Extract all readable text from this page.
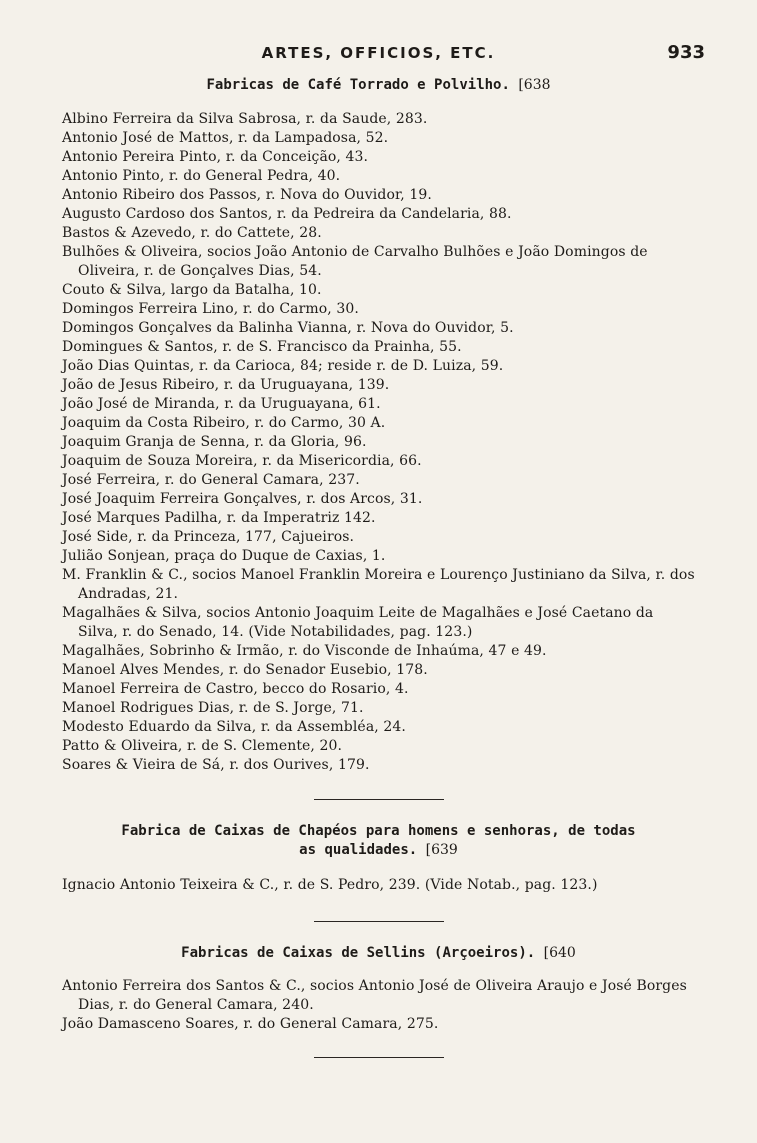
ARTES, OFFICIOS, ETC.	933
Fabricas de Café Torrado e Polvilho. [638
Albino Ferreira da Silva Sabrosa, r. da Saude, 283.
Antonio José de Mattos, r. da Lampadosa, 52.
Antonio Pereira Pinto, r. da Conceição, 43.
Antonio Pinto, r. do General Pedra, 40.
Antonio Ribeiro dos Passos, r. Nova do Ouvidor, 19.
Augusto Cardoso dos Santos, r. da Pedreira da Candelaria, 88.
Bastos & Azevedo, r. do Cattete, 28.
Bulhões & Oliveira, socios João Antonio de Carvalho Bulhões e João Domingos de Oliveira, r. de Gonçalves Dias, 54.
Couto & Silva, largo da Batalha, 10.
Domingos Ferreira Lino, r. do Carmo, 30.
Domingos Gonçalves da Balinha Vianna, r. Nova do Ouvidor, 5.
Domingues & Santos, r. de S. Francisco da Prainha, 55.
João Dias Quintas, r. da Carioca, 84; reside r. de D. Luiza, 59.
João de Jesus Ribeiro, r. da Uruguayana, 139.
João José de Miranda, r. da Uruguayana, 61.
Joaquim da Costa Ribeiro, r. do Carmo, 30 A.
Joaquim Granja de Senna, r. da Gloria, 96.
Joaquim de Souza Moreira, r. da Misericordia, 66.
José Ferreira, r. do General Camara, 237.
José Joaquim Ferreira Gonçalves, r. dos Arcos, 31.
José Marques Padilha, r. da Imperatriz 142.
José Side, r. da Princeza, 177, Cajueiros.
Julião Sonjean, praça do Duque de Caxias, 1.
M. Franklin & C., socios Manoel Franklin Moreira e Lourenço Justiniano da Silva, r. dos Andradas, 21.
Magalhães & Silva, socios Antonio Joaquim Leite de Magalhães e José Caetano da Silva, r. do Senado, 14. (Vide Notabilidades, pag. 123.)
Magalhães, Sobrinho & Irmão, r. do Visconde de Inhaúma, 47 e 49.
Manoel Alves Mendes, r. do Senador Eusebio, 178.
Manoel Ferreira de Castro, becco do Rosario, 4.
Manoel Rodrigues Dias, r. de S. Jorge, 71.
Modesto Eduardo da Silva, r. da Assembléa, 24.
Patto & Oliveira, r. de S. Clemente, 20.
Soares & Vieira de Sá, r. dos Ourives, 179.
Fabrica de Caixas de Chapéos para homens e senhoras, de todas
as qualidades. [639
Ignacio Antonio Teixeira & C., r. de S. Pedro, 239. (Vide Notab., pag. 123.)
Fabricas de Caixas de Sellins (Arçoeiros). [640
Antonio Ferreira dos Santos & C., socios Antonio José de Oliveira Araujo e José Borges Dias, r. do General Camara, 240.
João Damasceno Soares, r. do General Camara, 275.
